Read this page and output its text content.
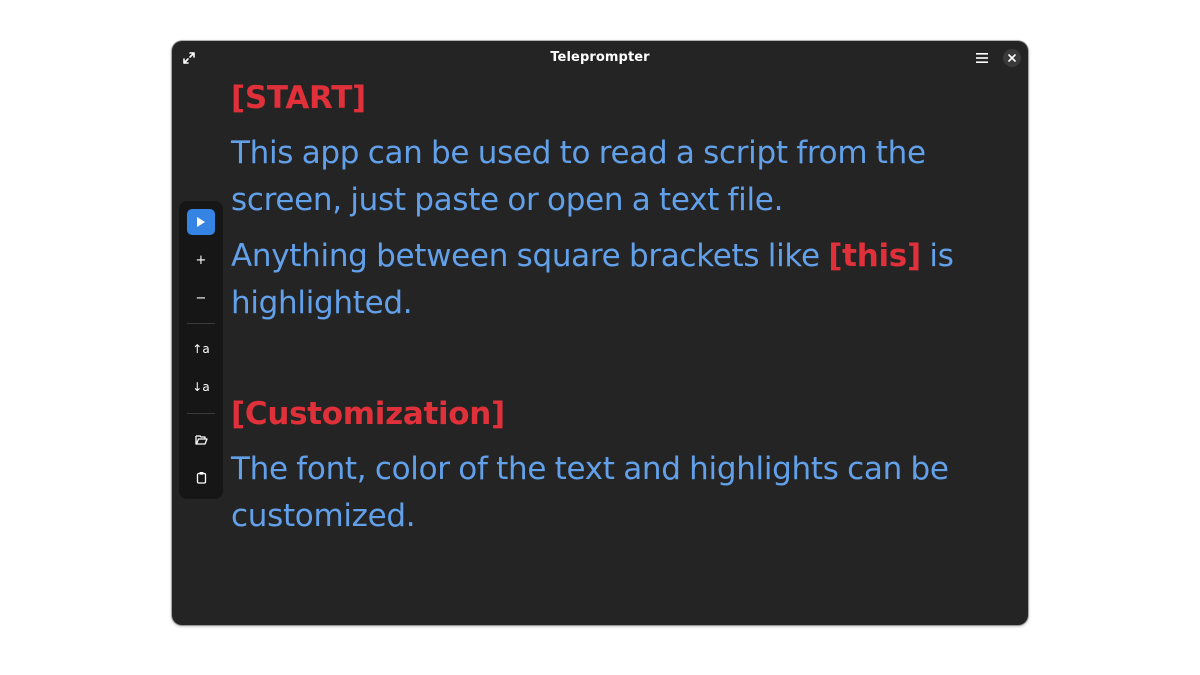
Teleprompter
+
−
↑a
↓a
[START]
This app can be used to read a script from the screen, just paste or open a text file.
Anything between square brackets like [this] is highlighted.
[Customization]
The font, color of the text and highlights can be customized.
